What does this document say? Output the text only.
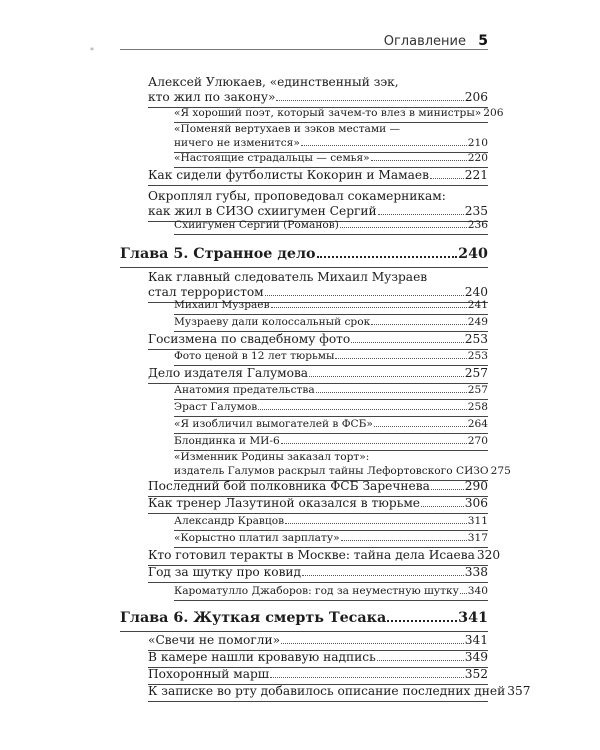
Оглавление 5
*
Алексей Улюкаев, «единственный зэк,
кто жил по закону»	206
«Я хороший поэт, который зачем-то влез в министры» 206
«Поменяй вертухаев и зэков местами —
ничего не изменится»	210
«Настоящие страдальцы — семья»	220
Как сидели футболисты Кокорин и Мамаев	221
Окроплял губы, проповедовал сокамерникам:
как жил в СИЗО схиигумен Сергий	235
Схиигумен Сергий (Романов)	236
Глава 5. Странное дело	240
Как главный следователь Михаил Музраев
стал террористом	240
Михаил Музраев	241
Музраеву дали колоссальный срок	249
Госизмена по свадебному фото	253
Фото ценой в 12 лет тюрьмы	253
Дело издателя Галумова	257
Анатомия предательства	257
Эраст Галумов	258
«Я изобличил вымогателей в ФСБ»	264
Блондинка и МИ-6	270
«Изменник Родины заказал торт»:
издатель Галумов раскрыл тайны Лефортовского СИЗО 275
Последний бой полковника ФСБ Заречнева	290
Как тренер Лазутиной оказался в тюрьме	306
Александр Кравцов	311
«Корыстно платил зарплату»	317
Кто готовил теракты в Москве: тайна дела Исаева 320
Год за шутку про ковид	338
Кароматулло Джаборов: год за неуместную шутку 340
Глава 6. Жуткая смерть Тесака	341
«Свечи не помогли»	341
В камере нашли кровавую надпись	349
Похоронный марш	352
К записке во рту добавилось описание последних дней 357
